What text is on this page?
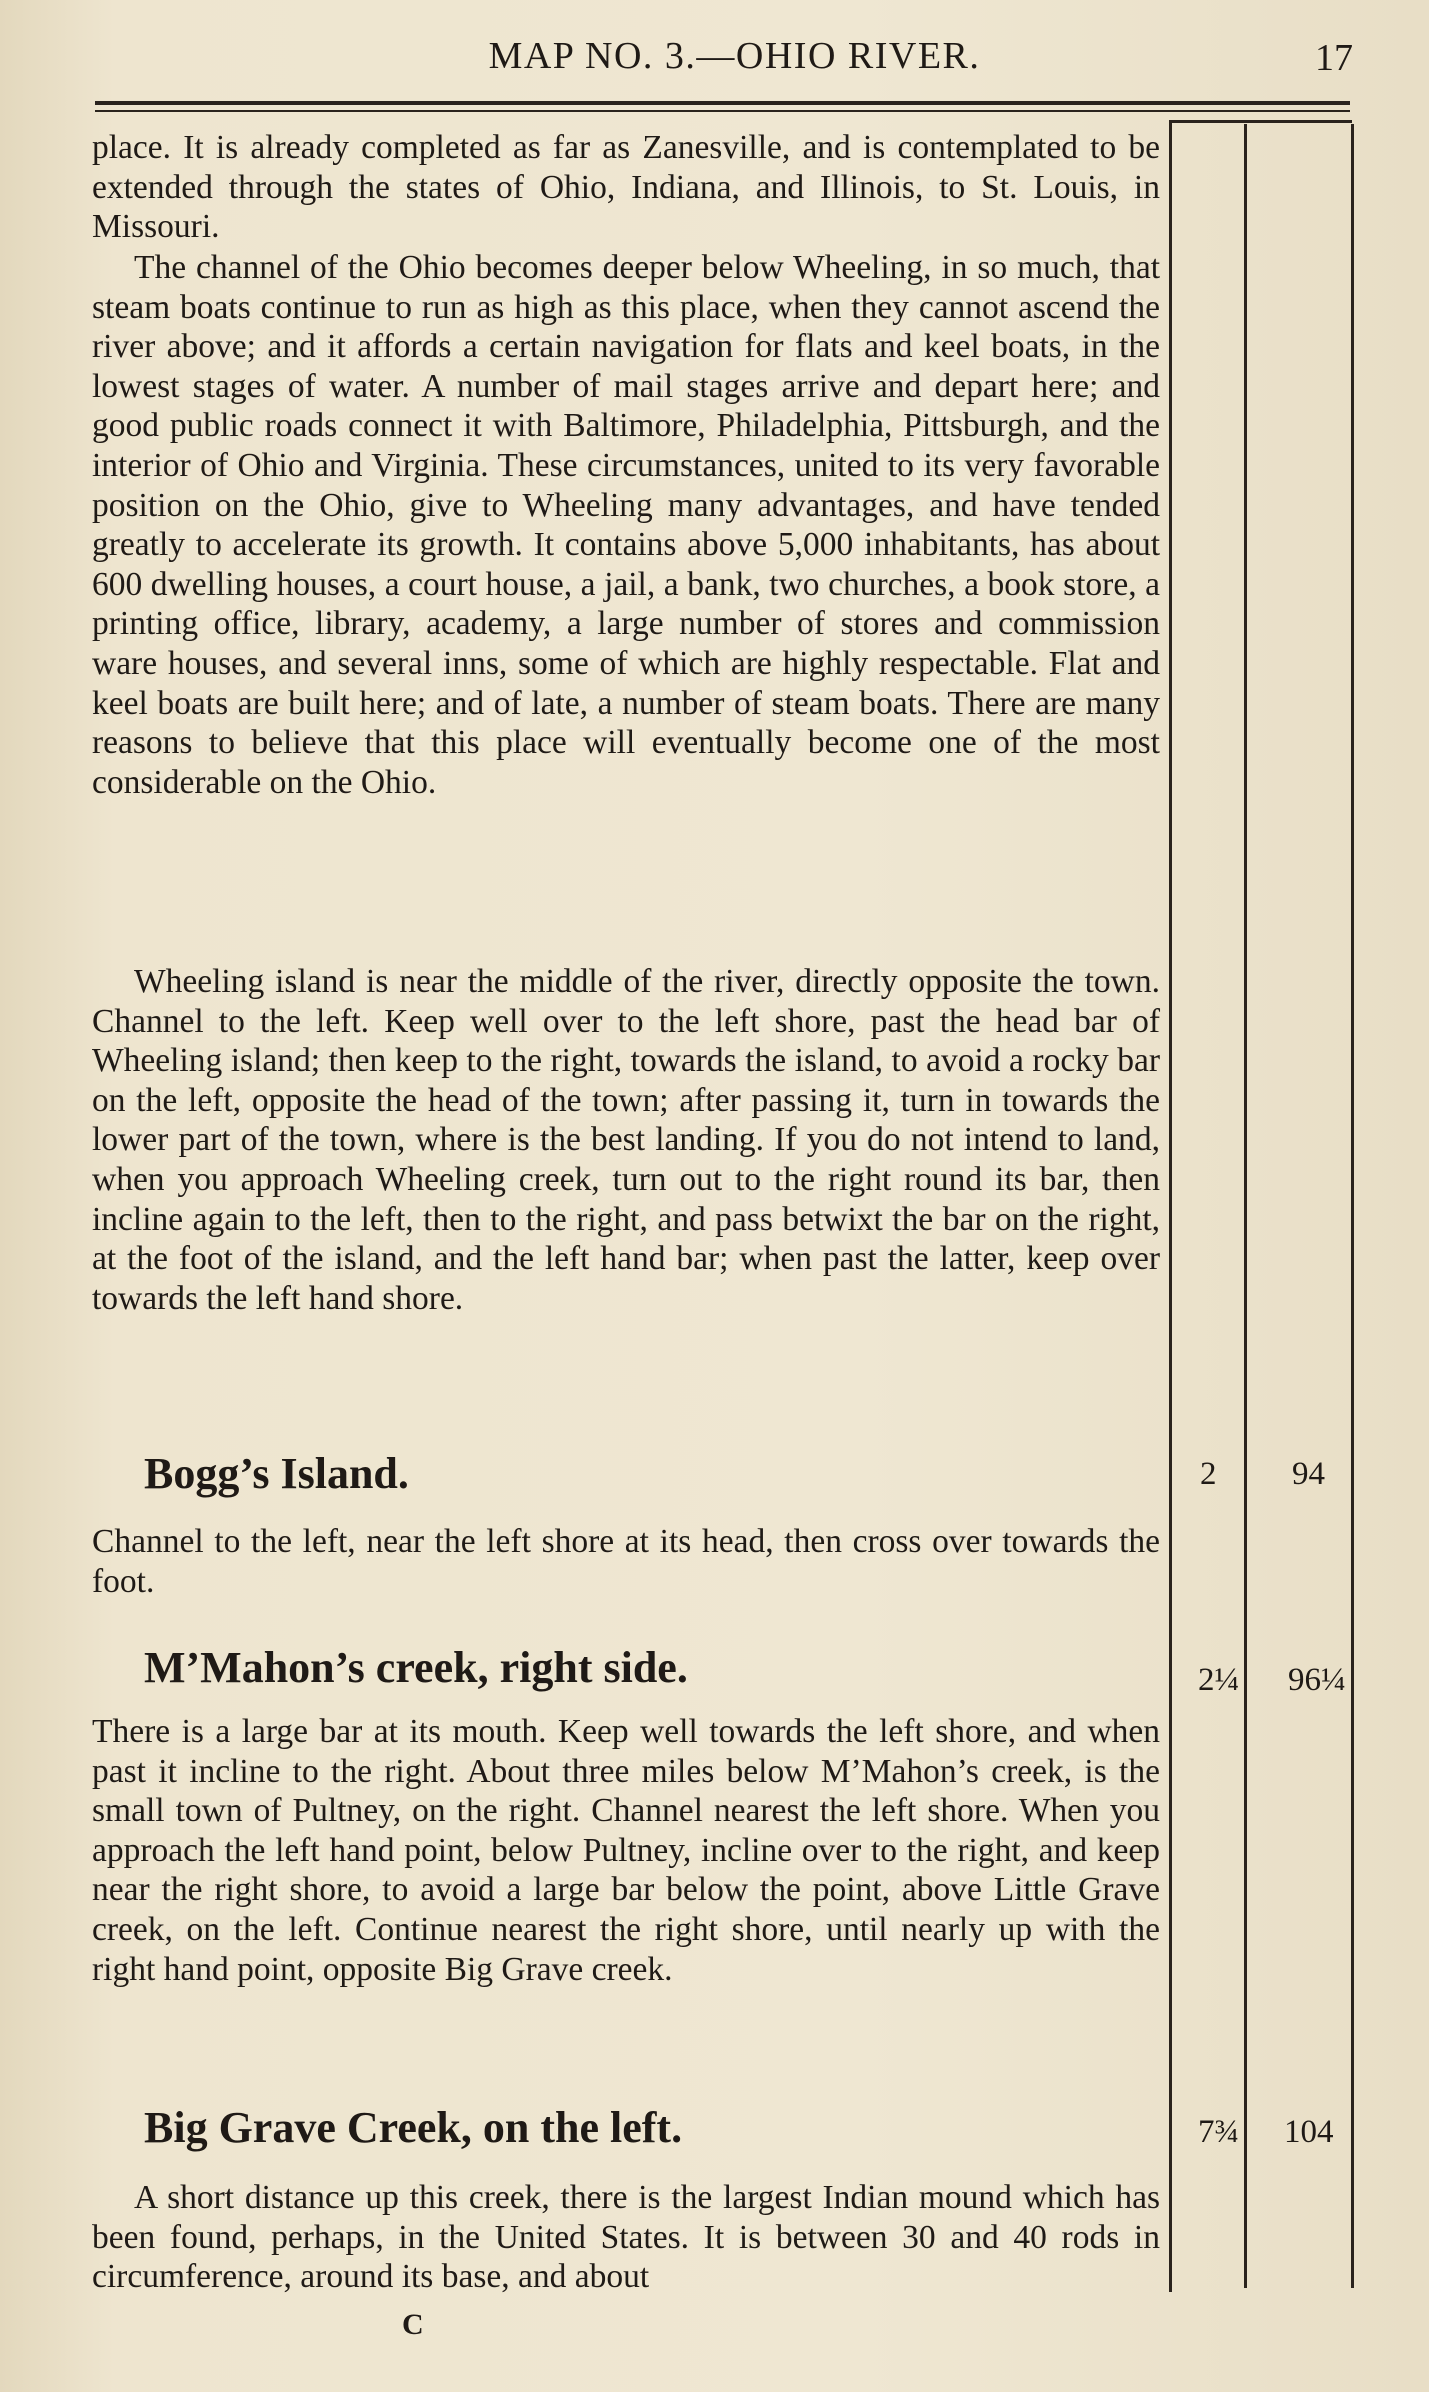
MAP NO. 3.—OHIO RIVER.	17

place. It is already completed as far as Zanesville, and is contemplated to be extended through the states of Ohio, Indiana, and Illinois, to St. Louis, in Missouri.

The channel of the Ohio becomes deeper below Wheeling, in so much, that steam boats continue to run as high as this place, when they cannot ascend the river above; and it affords a certain navigation for flats and keel boats, in the lowest stages of water. A number of mail stages arrive and depart here; and good public roads connect it with Baltimore, Philadelphia, Pittsburgh, and the interior of Ohio and Virginia. These circumstances, united to its very favorable position on the Ohio, give to Wheeling many advantages, and have tended greatly to accelerate its growth. It contains above 5,000 inhabitants, has about 600 dwelling houses, a court house, a jail, a bank, two churches, a book store, a printing office, library, academy, a large number of stores and commission ware houses, and several inns, some of which are highly respectable. Flat and keel boats are built here; and of late, a number of steam boats. There are many reasons to believe that this place will eventually become one of the most considerable on the Ohio.

Wheeling island is near the middle of the river, directly opposite the town. Channel to the left. Keep well over to the left shore, past the head bar of Wheeling island; then keep to the right, towards the island, to avoid a rocky bar on the left, opposite the head of the town; after passing it, turn in towards the lower part of the town, where is the best landing. If you do not intend to land, when you approach Wheeling creek, turn out to the right round its bar, then incline again to the left, then to the right, and pass betwixt the bar on the right, at the foot of the island, and the left hand bar; when past the latter, keep over towards the left hand shore.

Bogg’s Island.	2 94

Channel to the left, near the left shore at its head, then cross over towards the foot.

M’Mahon’s creek, right side.	2¼ 96¼

There is a large bar at its mouth. Keep well towards the left shore, and when past it incline to the right. About three miles below M’Mahon’s creek, is the small town of Pultney, on the right. Channel nearest the left shore. When you approach the left hand point, below Pultney, incline over to the right, and keep near the right shore, to avoid a large bar below the point, above Little Grave creek, on the left. Continue nearest the right shore, until nearly up with the right hand point, opposite Big Grave creek.

Big Grave Creek, on the left.	7¾ 104

A short distance up this creek, there is the largest Indian mound which has been found, perhaps, in the United States. It is between 30 and 40 rods in circumference, around its base, and about

C
